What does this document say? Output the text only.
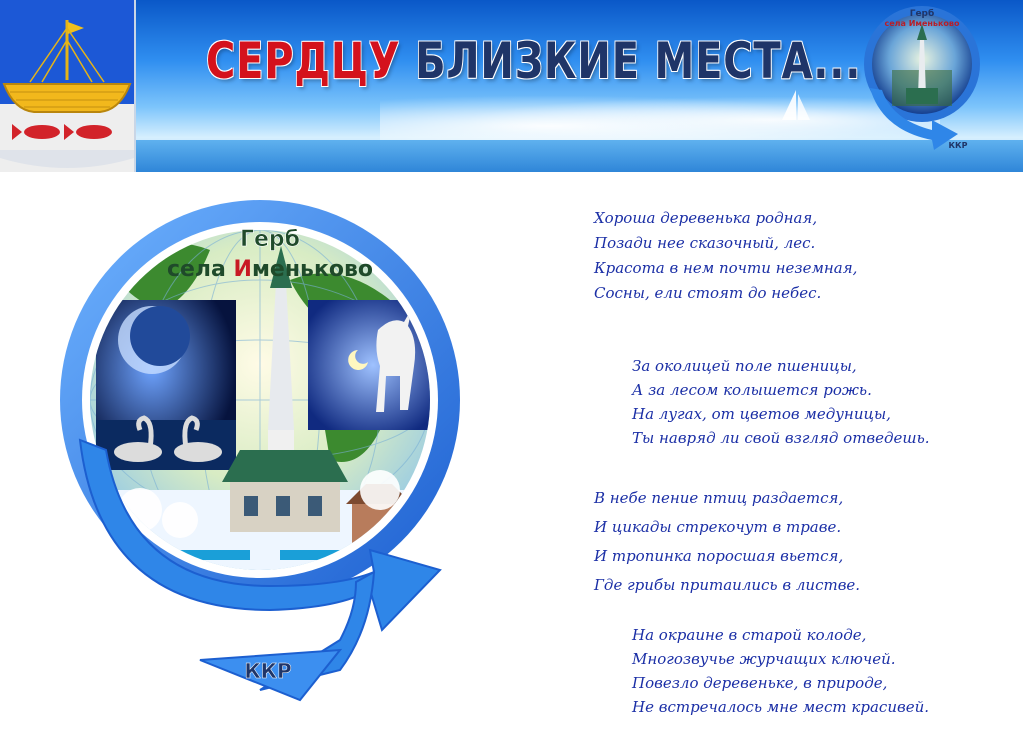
СЕРДЦУ БЛИЗКИЕ МЕСТА...
Герб
села Именьково
ККР
Герб
села Именьково
ККР

Хороша деревенька родная,

Позади нее сказочный, лес.

Красота в нем почти неземная,

Сосны, ели стоят до небес.

За околицей поле пшеницы,

А за лесом колышется рожь.

На лугах, от цветов медуницы,

Ты навряд ли свой взгляд отведешь.

В небе пение птиц раздается,

И цикады стрекочут в траве.

И тропинка поросшая вьется,

Где грибы притаились в листве.

На окраине в старой колоде,

Многозвучье журчащих ключей.

Повезло деревеньке, в природе,

Не встречалось мне мест красивей.
